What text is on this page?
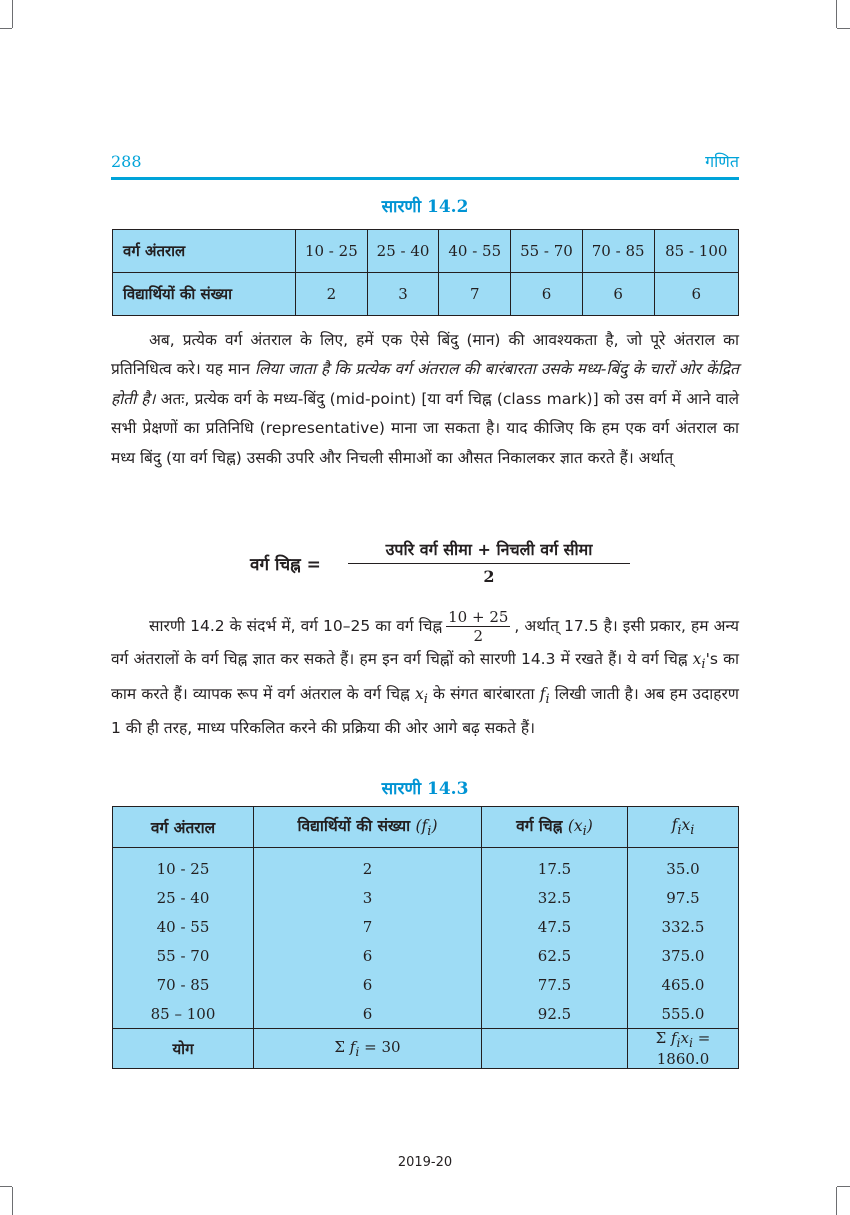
288	गणित
सारणी 14.2
वर्ग अंतराल	10 - 25	25 - 40	40 - 55	55 - 70	70 - 85	85 - 100
विद्यार्थियों की संख्या	2	3	7	6	6	6
अब, प्रत्येक वर्ग अंतराल के लिए, हमें एक ऐसे बिंदु (मान) की आवश्यकता है, जो पूरे अंतराल का प्रतिनिधित्व करे। यह मान लिया जाता है कि प्रत्येक वर्ग अंतराल की बारंबारता उसके मध्य-बिंदु के चारों ओर केंद्रित होती है। अतः, प्रत्येक वर्ग के मध्य-बिंदु (mid-point) [या वर्ग चिह्न (class mark)] को उस वर्ग में आने वाले सभी प्रेक्षणों का प्रतिनिधि (representative) माना जा सकता है। याद कीजिए कि हम एक वर्ग अंतराल का मध्य बिंदु (या वर्ग चिह्न) उसकी उपरि और निचली सीमाओं का औसत निकालकर ज्ञात करते हैं। अर्थात्
वर्ग चिह्न =
उपरि वर्ग सीमा + निचली वर्ग सीमा
2
सारणी 14.2 के संदर्भ में, वर्ग 10–25 का वर्ग चिह्न $\frac{10 + 25}{2}$ , अर्थात् 17.5 है। इसी प्रकार, हम अन्य वर्ग अंतरालों के वर्ग चिह्न ज्ञात कर सकते हैं। हम इन वर्ग चिह्नों को सारणी 14.3 में रखते हैं। ये वर्ग चिह्न $x_i's$ का काम करते हैं। व्यापक रूप में वर्ग अंतराल के वर्ग चिह्न $x_i$ के संगत बारंबारता $f_i$ लिखी जाती है। अब हम उदाहरण 1 की ही तरह, माध्य परिकलित करने की प्रक्रिया की ओर आगे बढ़ सकते हैं।
सारणी 14.3
वर्ग अंतराल	विद्यार्थियों की संख्या $(f_i)$	वर्ग चिह्न $(x_i)$	$f_ix_i$
10 - 25	2	17.5	35.0
25 - 40	3	32.5	97.5
40 - 55	7	47.5	332.5
55 - 70	6	62.5	375.0
70 - 85	6	77.5	465.0
85 – 100	6	92.5	555.0
योग	Σ $f_i = 30$		Σ $f_ix_i = 1860.0$
2019-20
